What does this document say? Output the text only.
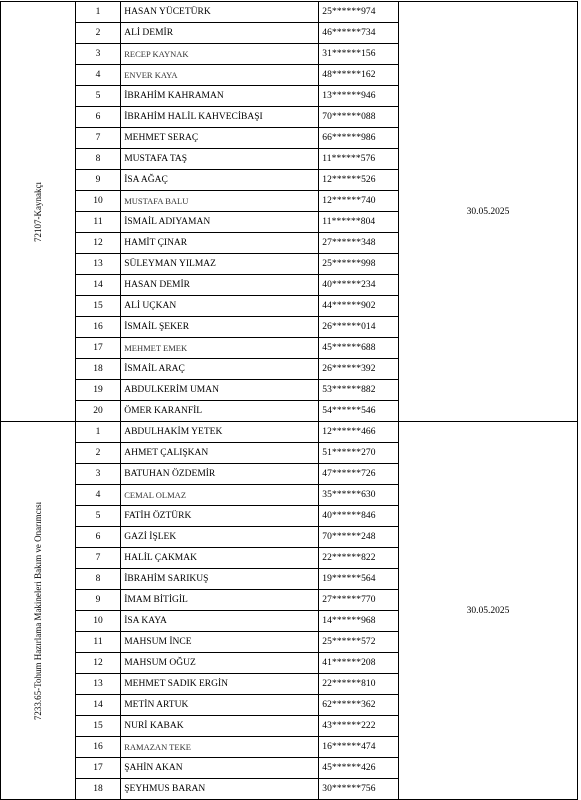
72107-Kaynakçı	1	HASAN YÜCETÜRK	25******974	30.05.2025
	2	ALİ DEMİR	46******734	
	3	RECEP KAYNAK	31******156	
	4	ENVER KAYA	48******162	
	5	İBRAHİM KAHRAMAN	13******946	
	6	İBRAHİM HALİL KAHVECİBAŞI	70******088	
	7	MEHMET SERAÇ	66******986	
	8	MUSTAFA TAŞ	11******576	
	9	İSA AĞAÇ	12******526	
	10	MUSTAFA BALU	12******740	
	11	İSMAİL ADIYAMAN	11******804	
	12	HAMİT ÇINAR	27******348	
	13	SÜLEYMAN YILMAZ	25******998	
	14	HASAN DEMİR	40******234	
	15	ALİ UÇKAN	44******902	
	16	İSMAİL ŞEKER	26******014	
	17	MEHMET EMEK	45******688	
	18	İSMAİL ARAÇ	26******392	
	19	ABDULKERİM UMAN	53******882	
	20	ÖMER KARANFİL	54******546	

7233.65-Tohum Hazırlama Makineleri Bakım ve Onarımcısı	1	ABDULHAKİM YETEK	12******466	30.05.2025
	2	AHMET ÇALIŞKAN	51******270	
	3	BATUHAN ÖZDEMİR	47******726	
	4	CEMAL OLMAZ	35******630	
	5	FATİH ÖZTÜRK	40******846	
	6	GAZİ İŞLEK	70******248	
	7	HALİL ÇAKMAK	22******822	
	8	İBRAHİM SARIKUŞ	19******564	
	9	İMAM BİTİGİL	27******770	
	10	İSA KAYA	14******968	
	11	MAHSUM İNCE	25******572	
	12	MAHSUM OĞUZ	41******208	
	13	MEHMET SADIK ERGİN	22******810	
	14	METİN ARTUK	62******362	
	15	NURİ KABAK	43******222	
	16	RAMAZAN TEKE	16******474	
	17	ŞAHİN AKAN	45******426	
	18	ŞEYHMUS BARAN	30******756	
